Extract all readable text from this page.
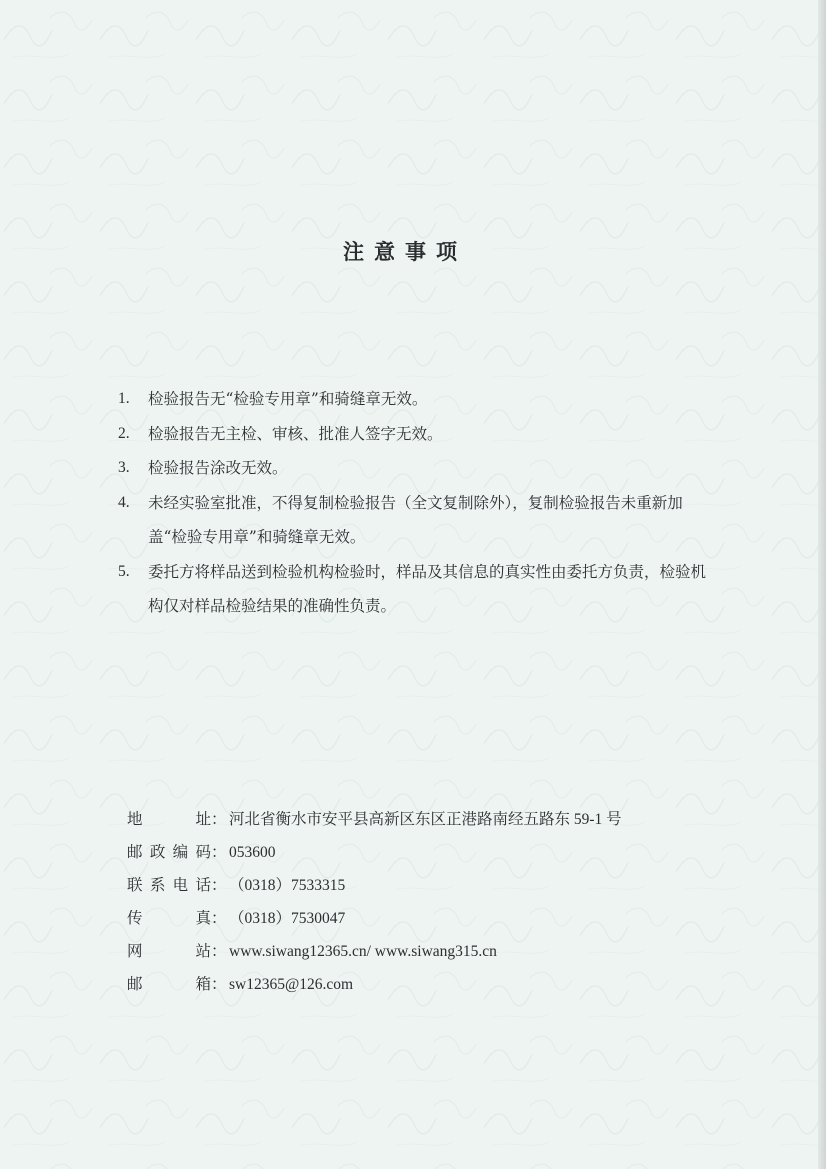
注意事项
1. 检验报告无“检验专用章”和骑缝章无效。
2. 检验报告无主检、审核、批准人签字无效。
3. 检验报告涂改无效。
4. 未经实验室批准，不得复制检验报告（全文复制除外），复制检验报告未重新加盖“检验专用章”和骑缝章无效。
5. 委托方将样品送到检验机构检验时，样品及其信息的真实性由委托方负责，检验机构仅对样品检验结果的准确性负责。
地址 ： 河北省衡水市安平县高新区东区正港路南经五路东 59-1 号
邮政编码 ： 053600
联系电话 ： （0318）7533315
传真 ： （0318）7530047
网站 ： www.siwang12365.cn/ www.siwang315.cn
邮箱 ： sw12365@126.com
